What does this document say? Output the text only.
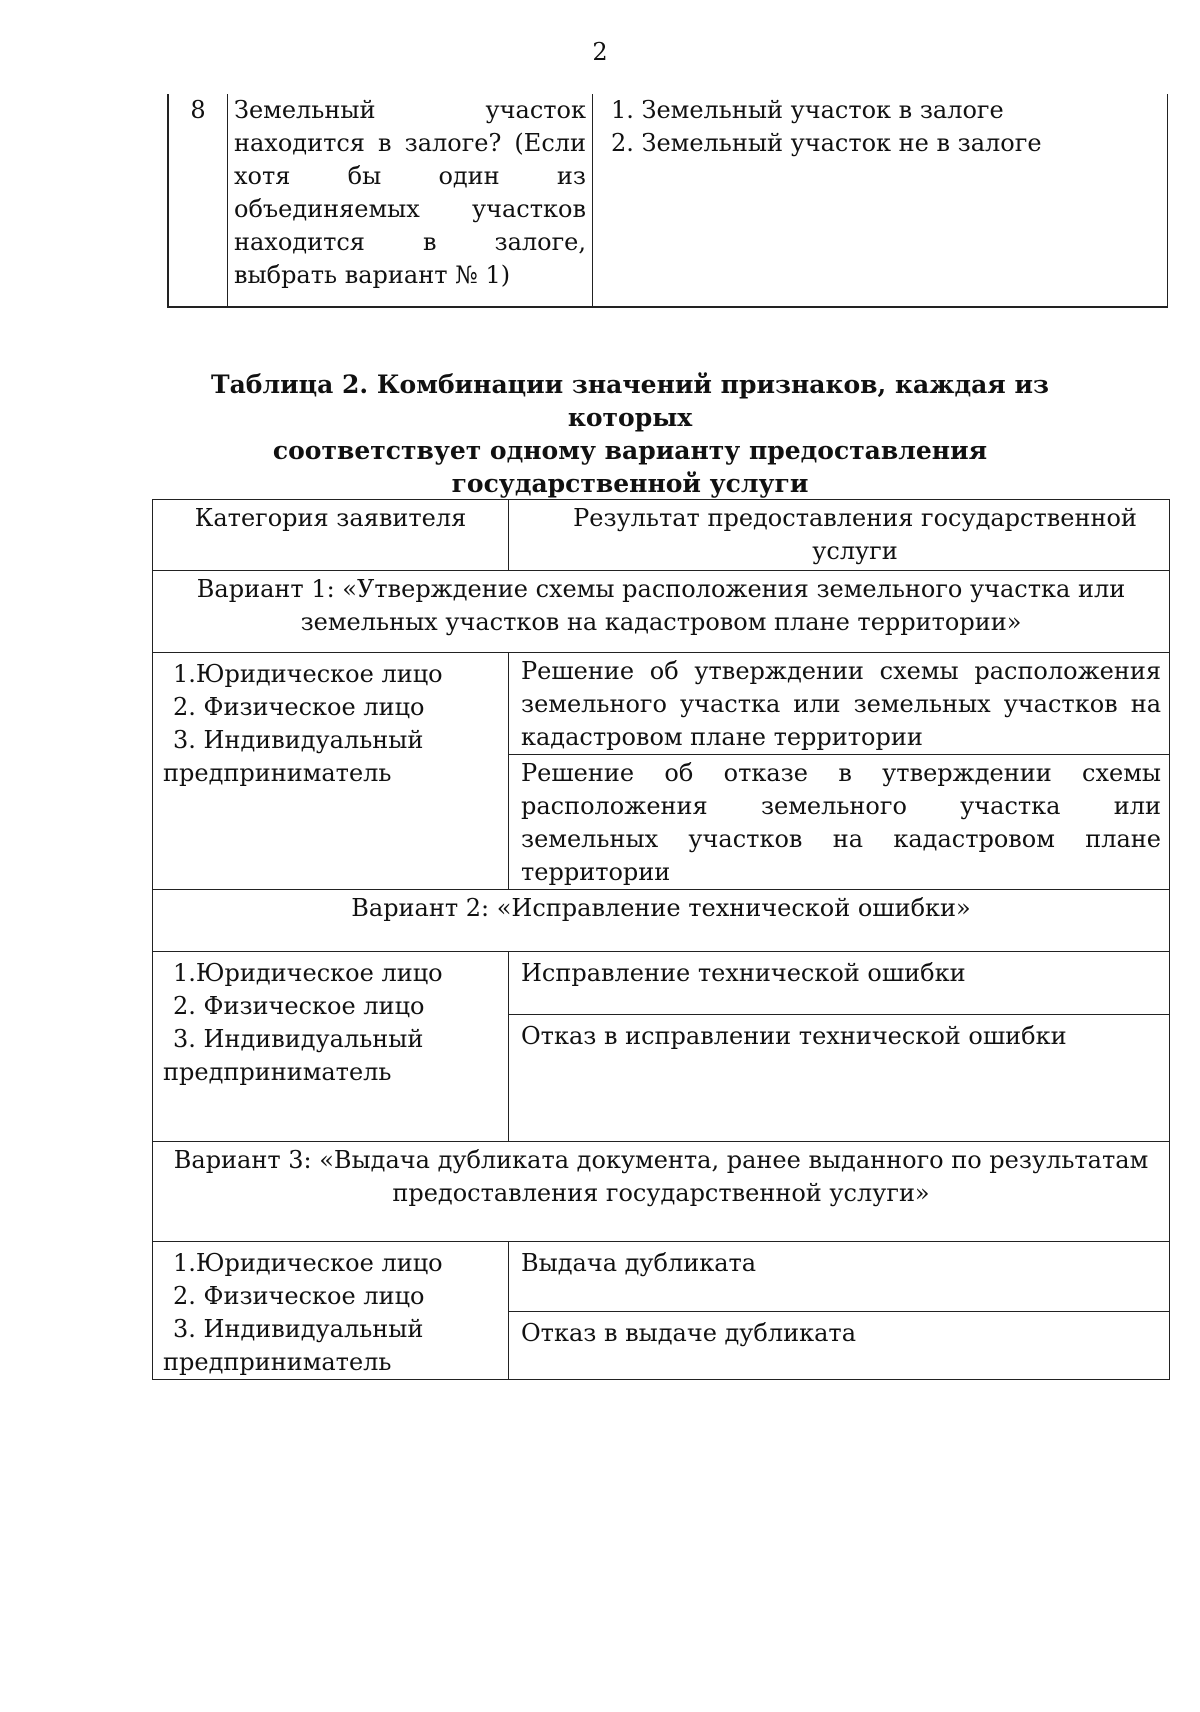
2
8	Земельный участок находится в залоге? (Если хотя бы один из объединяемых участков находится в залоге, выбрать вариант № 1)	
1. Земельный участок в залоге
2. Земельный участок не в залоге
Таблица 2. Комбинации значений признаков, каждая из которых
соответствует одному варианту предоставления
государственной услуги
Категория заявителя	Результат предоставления государственной услуги
Вариант 1: «Утверждение схемы расположения земельного участка или земельных участков на кадастровом плане территории»	

1.Юридическое лицо
2. Физическое лицо
3. Индивидуальный
предприниматель	Решение об утверждении схемы расположения земельного участка или земельных участков на кадастровом плане территории
	Решение об отказе в утверждении схемы расположения земельного участка или земельных участков на кадастровом плане территории
Вариант 2: «Исправление технической ошибки»	

1.Юридическое лицо
2. Физическое лицо
3. Индивидуальный
предприниматель	Исправление технической ошибки
	Отказ в исправлении технической ошибки
Вариант 3: «Выдача дубликата документа, ранее выданного по результатам предоставления государственной услуги»	

1.Юридическое лицо
2. Физическое лицо
3. Индивидуальный
предприниматель	Выдача дубликата
	Отказ в выдаче дубликата
